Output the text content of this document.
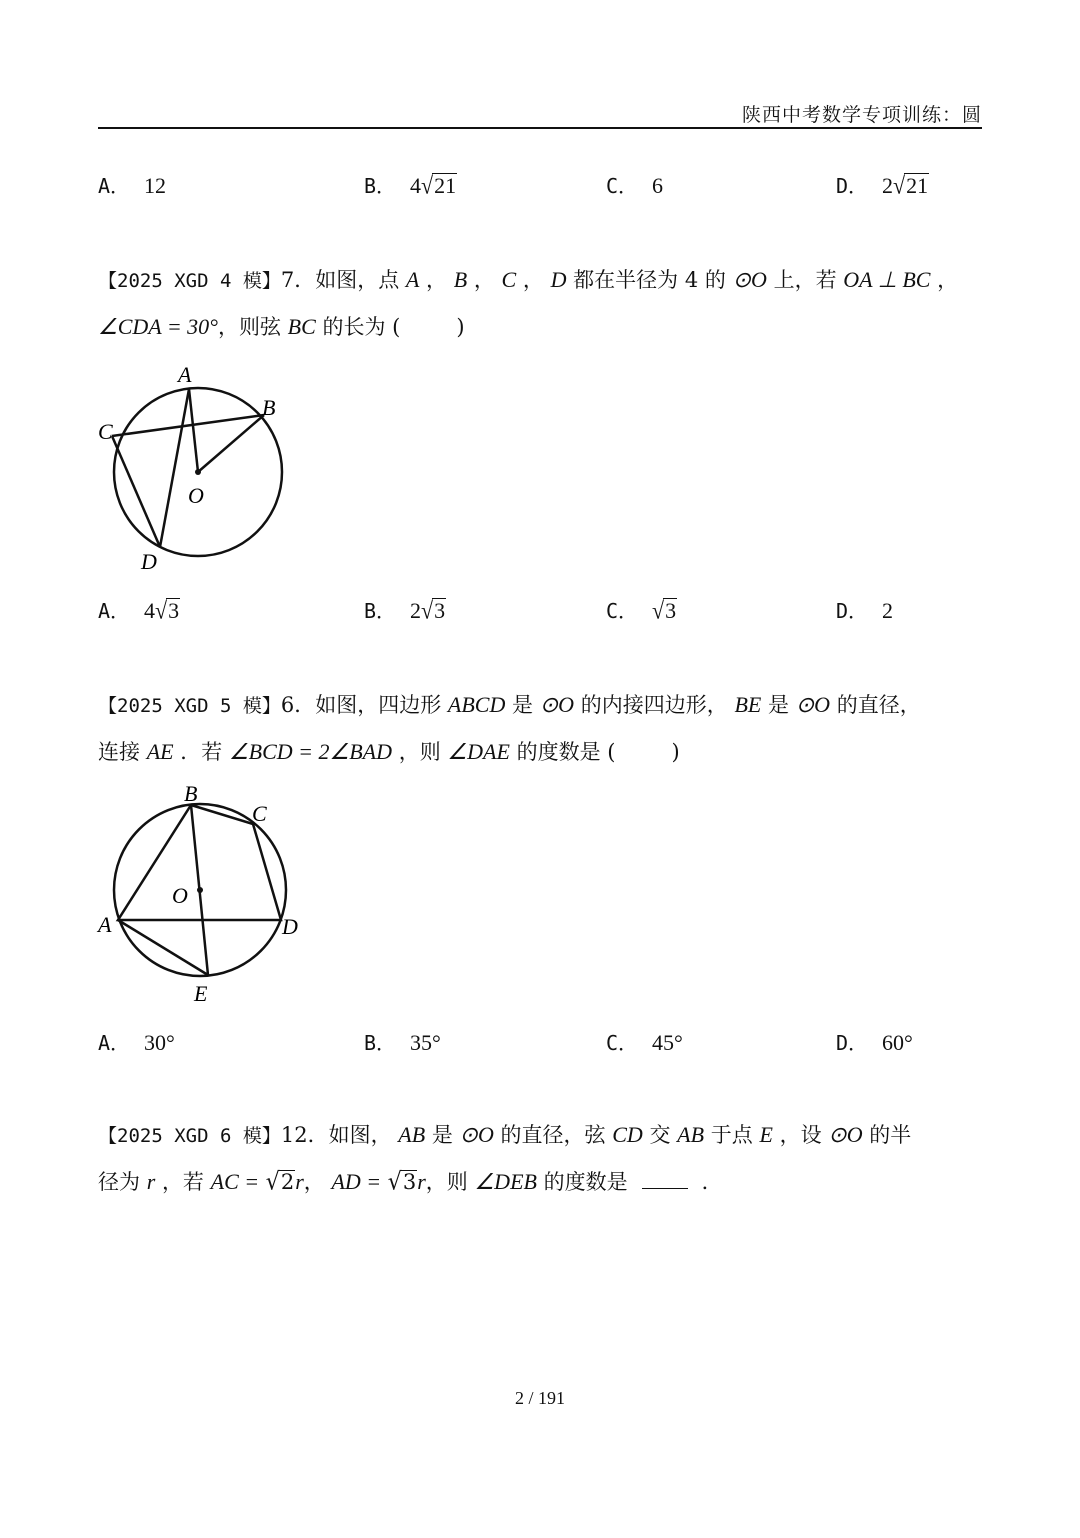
陕西中考数学专项训练：圆
A． 12	B． 4√21	C． 6	D． 2√21
【2025 XGD 4 模】7．如图，点 A ， B ， C ， D 都在半径为 4 的 ⊙O 上，若 OA ⊥ BC ，
∠CDA = 30°，则弦 BC 的长为 (	)
A
B
C
D
O
A． 4√3	B． 2√3	C． √3	D． 2
【2025 XGD 5 模】6．如图，四边形 ABCD 是 ⊙O 的内接四边形， BE 是 ⊙O 的直径，
连接 AE ．若 ∠BCD = 2∠BAD ，则 ∠DAE 的度数是 (	)
B
C
A	D
E
O
A． 30°	B． 35°	C． 45°	D． 60°
【2025 XGD 6 模】12．如图， AB 是 ⊙O 的直径，弦 CD 交 AB 于点 E ，设 ⊙O 的半
径为 r ，若 AC = √2r， AD = √3r，则 ∠DEB 的度数是	．
2 / 191
